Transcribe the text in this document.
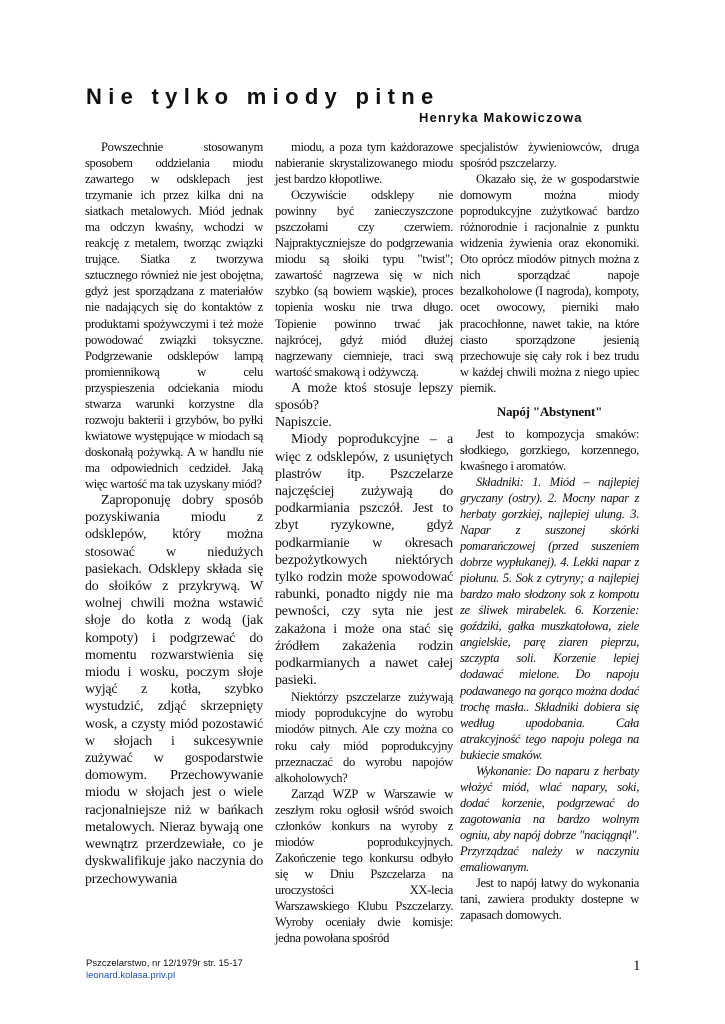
Nie tylko miody pitne
Henryka Makowiczowa

Powszechnie stosowanym sposobem oddzielania miodu zawartego w odsklepach jest trzymanie ich przez kilka dni na siatkach metalowych. Miód jednak ma odczyn kwaśny, wchodzi w reakcję z metalem, tworząc związki trujące. Siatka z tworzywa sztucznego również nie jest obojętna, gdyż jest sporządzana z materiałów nie nadających się do kontaktów z produktami spożywczymi i też może powodować związki toksyczne. Podgrzewanie odsklepów lampą promiennikową w celu przyspieszenia odciekania miodu stwarza warunki korzystne dla rozwoju bakterii i grzybów, bo pyłki kwiatowe występujące w miodach są doskonałą pożywką. A w handlu nie ma odpowiednich cedzideł. Jaką więc wartość ma tak uzyskany miód?

Zaproponuję dobry sposób pozyskiwania miodu z odsklepów, który można stosować w niedużych pasiekach. Odsklepy składa się do słoików z przykrywą. W wolnej chwili można wstawić słoje do kotła z wodą (jak kompoty) i podgrzewać do momentu rozwarstwienia się miodu i wosku, poczym słoje wyjąć z kotła, szybko wystudzić, zdjąć skrzepnięty wosk, a czysty miód pozostawić w słojach i sukcesywnie zużywać w gospodarstwie domowym. Przechowywanie miodu w słojach jest o wiele racjonalniejsze niż w bańkach metalowych. Nieraz bywają one wewnątrz przerdzewiałe, co je dyskwalifikuje jako naczynia do przechowywania

miodu, a poza tym każdorazowe nabieranie skrystalizowanego miodu jest bardzo kłopotliwe.

Oczywiście odsklepy nie powinny być zanieczyszczone pszczołami czy czerwiem. Najpraktyczniejsze do podgrzewania miodu są słoiki typu "twist"; zawartość nagrzewa się w nich szybko (są bowiem wąskie), proces topienia wosku nie trwa długo. Topienie powinno trwać jak najkrócej, gdyż miód dłużej nagrzewany ciemnieje, traci swą wartość smakową i odżywczą.

A może ktoś stosuje lepszy sposób?

Napiszcie.

Miody poprodukcyjne – a więc z odsklepów, z usuniętych plastrów itp. Pszczelarze najczęściej zużywają do podkarmiania pszczół. Jest to zbyt ryzykowne, gdyż podkarmianie w okresach bezpożytkowych niektórych tylko rodzin może spowodować rabunki, ponadto nigdy nie ma pewności, czy syta nie jest zakażona i może ona stać się źródłem zakażenia rodzin podkarmianych a nawet całej pasieki.

Niektórzy pszczelarze zużywają miody poprodukcyjne do wyrobu miodów pitnych. Ale czy można co roku cały miód poprodukcyjny przeznaczać do wyrobu napojów alkoholowych?

Zarząd WZP w Warszawie w zeszłym roku ogłosił wśród swoich członków konkurs na wyroby z miodów poprodukcyjnych. Zakończenie tego konkursu odbyło się w Dniu Pszczelarza na uroczystości XX-lecia Warszawskiego Klubu Pszczelarzy. Wyroby oceniały dwie komisje: jedna powołana spośród

specjalistów żywieniowców, druga spośród pszczelarzy.

Okazało się, że w gospodarstwie domowym można miody poprodukcyjne zużytkować bardzo różnorodnie i racjonalnie z punktu widzenia żywienia oraz ekonomiki. Oto oprócz miodów pitnych można z nich sporządzać napoje bezalkoholowe (I nagroda), kompoty, ocet owocowy, pierniki mało pracochłonne, nawet takie, na które ciasto sporządzone jesienią przechowuje się cały rok i bez trudu w każdej chwili można z niego upiec piernik.

Napój "Abstynent"

Jest to kompozycja smaków: słodkiego, gorzkiego, korzennego, kwaśnego i aromatów.

Składniki: 1. Miód – najlepiej gryczany (ostry). 2. Mocny napar z herbaty gorzkiej, najlepiej ulung. 3. Napar z suszonej skórki pomarańczowej (przed suszeniem dobrze wypłukanej). 4. Lekki napar z piołunu. 5. Sok z cytryny; a najlepiej bardzo mało słodzony sok z kompotu ze śliwek mirabelek. 6. Korzenie: goździki, gałka muszkatołowa, ziele angielskie, parę ziaren pieprzu, szczypta soli. Korzenie lepiej dodawać mielone. Do napoju podawanego na gorąco można dodać trochę masła.. Składniki dobiera się według upodobania. Cała atrakcyjność tego napoju polega na bukiecie smaków.

Wykonanie: Do naparu z herbaty włożyć miód, wlać napary, soki, dodać korzenie, podgrzewać do zagotowania na bardzo wolnym ogniu, aby napój dobrze "naciągnął". Przyrządzać należy w naczyniu emaliowanym.

Jest to napój łatwy do wykonania tani, zawiera produkty dostepne w zapasach domowych.

Pszczelarstwo, nr 12/1979r str. 15-17
leonard.kolasa.priv.pl
1
